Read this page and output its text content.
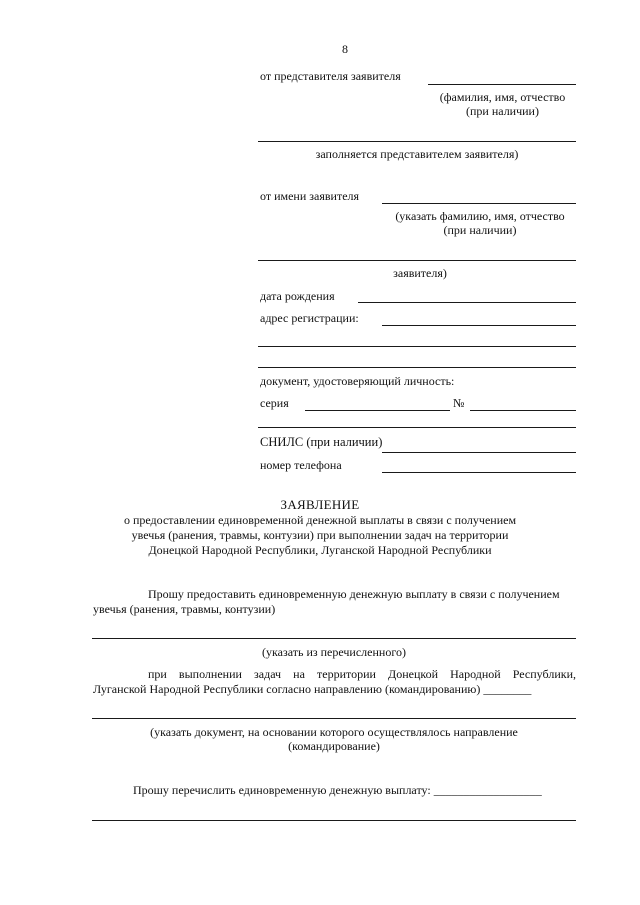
8
от представителя заявителя
(фамилия, имя, отчество
(при наличии)
заполняется представителем заявителя)
от имени заявителя
(указать фамилию, имя, отчество
(при наличии)
заявителя)
дата рождения
адрес регистрации:
документ, удостоверяющий личность:
серия	№
СНИЛС (при наличии)
номер телефона
ЗАЯВЛЕНИЕ
о предоставлении единовременной денежной выплаты в связи с получением
увечья (ранения, травмы, контузии) при выполнении задач на территории
Донецкой Народной Республики, Луганской Народной Республики
Прошу предоставить единовременную денежную выплату в связи с получением
увечья (ранения, травмы, контузии)
(указать из перечисленного)
при выполнении задач на территории Донецкой Народной Республики,
Луганской Народной Республики согласно направлению (командированию) ________
(указать документ, на основании которого осуществлялось направление
(командирование)
Прошу перечислить единовременную денежную выплату: __________________
